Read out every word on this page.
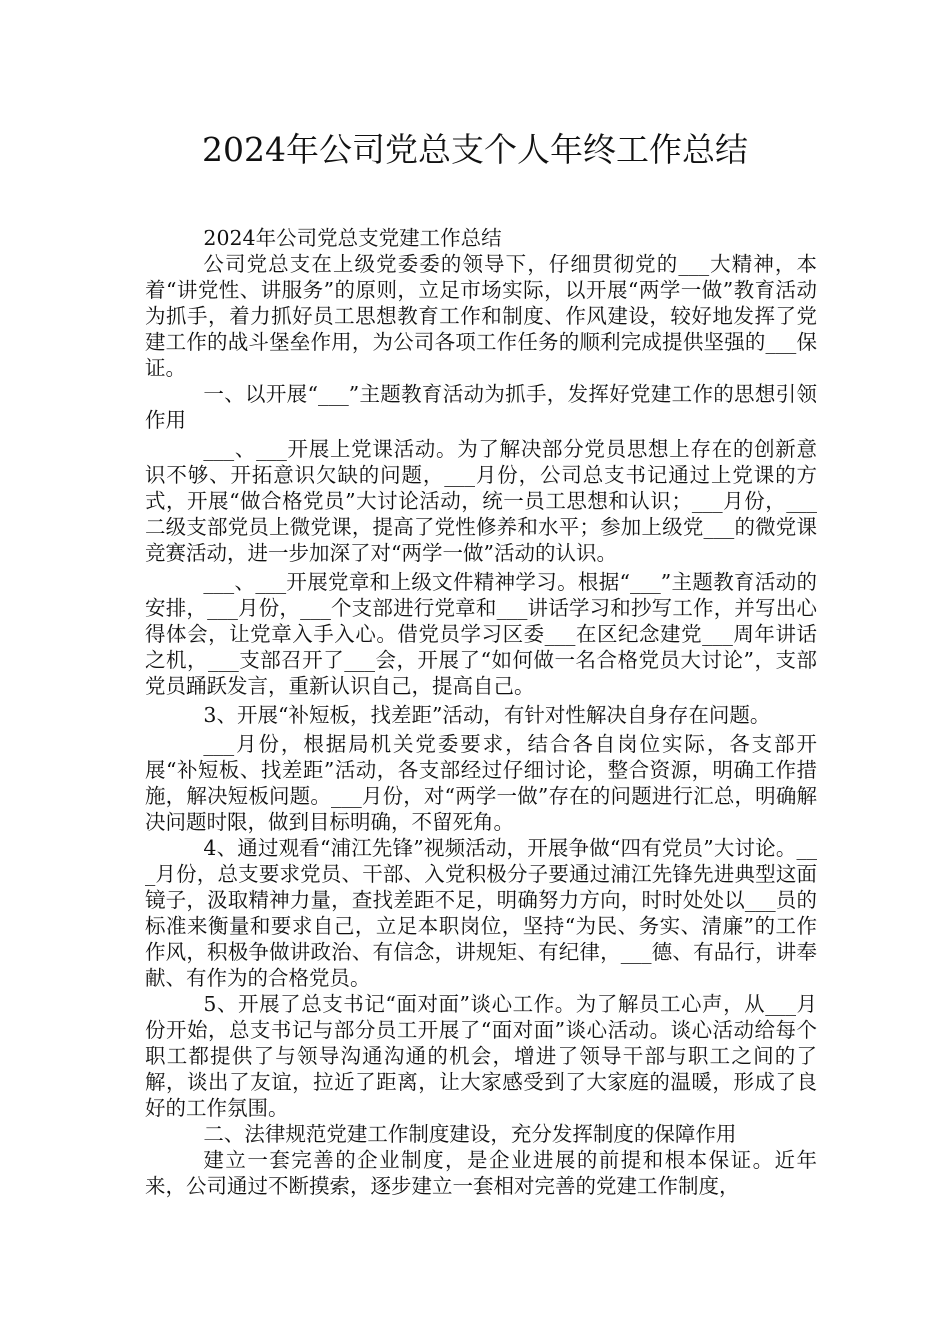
2024年公司党总支个人年终工作总结

2024年公司党总支党建工作总结

公司党总支在上级党委委的领导下，仔细贯彻党的___大精神，本着“讲党性、讲服务”的原则，立足市场实际，以开展“两学一做”教育活动为抓手，着力抓好员工思想教育工作和制度、作风建设，较好地发挥了党建工作的战斗堡垒作用，为公司各项工作任务的顺利完成提供坚强的___保证。

一、以开展“___”主题教育活动为抓手，发挥好党建工作的思想引领作用

___、___开展上党课活动。为了解决部分党员思想上存在的创新意识不够、开拓意识欠缺的问题，___月份，公司总支书记通过上党课的方式，开展“做合格党员”大讨论活动，统一员工思想和认识；___月份，___二级支部党员上微党课，提高了党性修养和水平；参加上级党___的微党课竞赛活动，进一步加深了对“两学一做”活动的认识。

___、___开展党章和上级文件精神学习。根据“___”主题教育活动的安排，___月份，___个支部进行党章和___讲话学习和抄写工作，并写出心得体会，让党章入手入心。借党员学习区委___在区纪念建党___周年讲话之机，___支部召开了___会，开展了“如何做一名合格党员大讨论”，支部党员踊跃发言，重新认识自己，提高自己。

3、开展“补短板，找差距”活动，有针对性解决自身存在问题。

___月份，根据局机关党委要求，结合各自岗位实际，各支部开展“补短板、找差距”活动，各支部经过仔细讨论，整合资源，明确工作措施，解决短板问题。___月份，对“两学一做”存在的问题进行汇总，明确解决问题时限，做到目标明确，不留死角。

4、通过观看“浦江先锋”视频活动，开展争做“四有党员”大讨论。___月份，总支要求党员、干部、入党积极分子要通过浦江先锋先进典型这面镜子，汲取精神力量，查找差距不足，明确努力方向，时时处处以___员的标准来衡量和要求自己，立足本职岗位，坚持“为民、务实、清廉”的工作作风，积极争做讲政治、有信念，讲规矩、有纪律，___德、有品行，讲奉献、有作为的合格党员。

5、开展了总支书记“面对面”谈心工作。为了解员工心声，从___月份开始，总支书记与部分员工开展了“面对面”谈心活动。谈心活动给每个职工都提供了与领导沟通沟通的机会，增进了领导干部与职工之间的了解，谈出了友谊，拉近了距离，让大家感受到了大家庭的温暖，形成了良好的工作氛围。

二、法律规范党建工作制度建设，充分发挥制度的保障作用

建立一套完善的企业制度，是企业进展的前提和根本保证。近年来，公司通过不断摸索，逐步建立一套相对完善的党建工作制度，
